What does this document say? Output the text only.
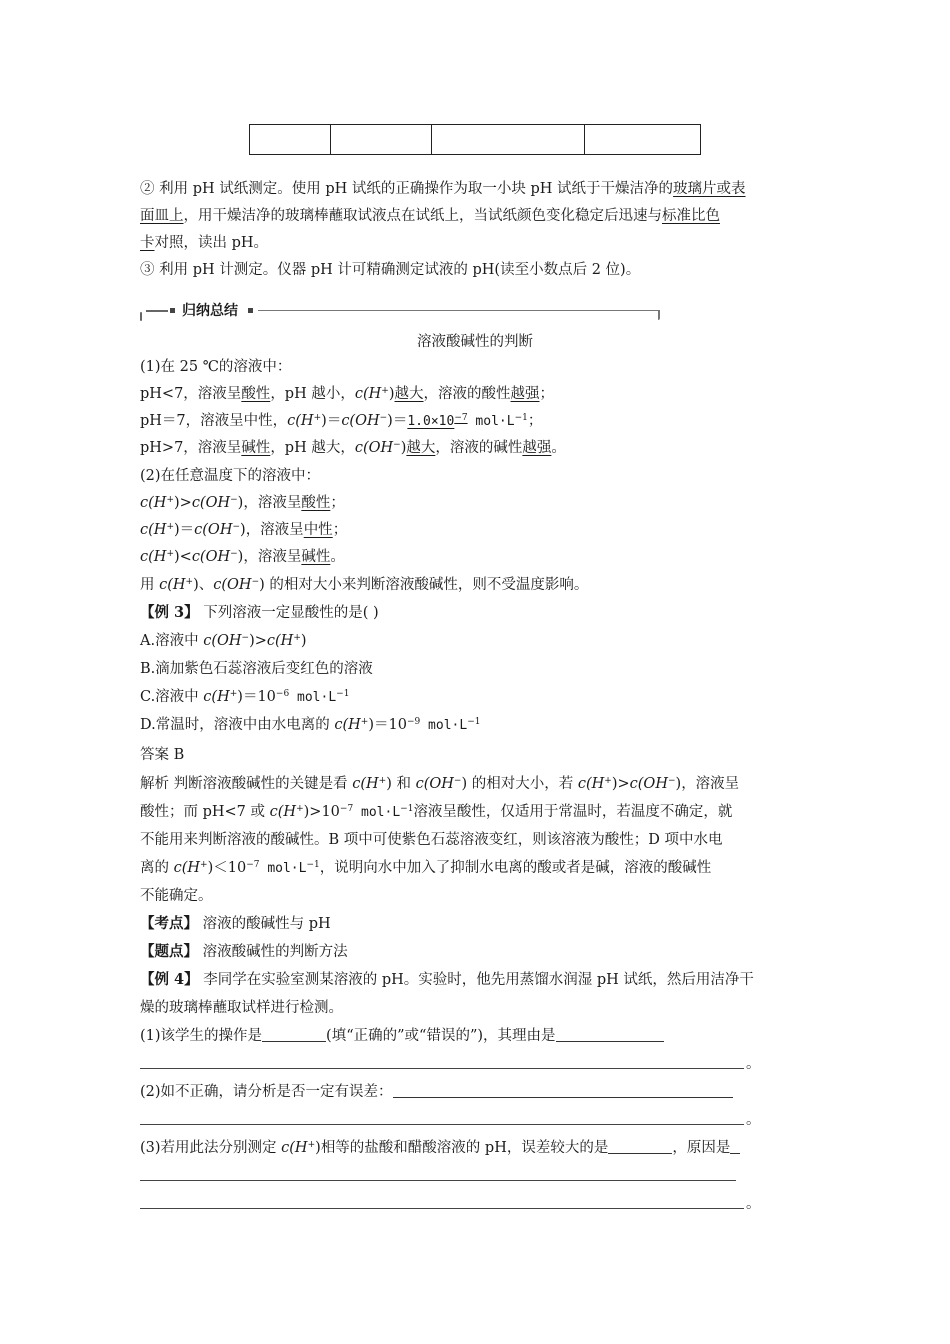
② 利用 pH 试纸测定。使用 pH 试纸的正确操作为取一小块 pH 试纸于干燥洁净的玻璃片或表
面皿上，用干燥洁净的玻璃棒蘸取试液点在试纸上，当试纸颜色变化稳定后迅速与标准比色
卡对照，读出 pH。
③ 利用 pH 计测定。仪器 pH 计可精确测定试液的 pH(读至小数点后 2 位)。
归纳总结
溶液酸碱性的判断
(1)在 25 ℃的溶液中：
pH<7，溶液呈酸性，pH 越小，c(H+)越大，溶液的酸性越强；
pH＝7，溶液呈中性，$c(H^+)=c(OH^-)=1.0\times 10^{-7}$ $mol\cdot L^{-1}$；
pH>7，溶液呈碱性，pH 越大，c(OH−)越大，溶液的碱性越强。
(2)在任意温度下的溶液中：
c(H+)>c(OH−)，溶液呈酸性；
c(H+)＝c(OH−)，溶液呈中性；
c(H+)<c(OH−)，溶液呈碱性。
用 c(H+)、c(OH−) 的相对大小来判断溶液酸碱性，则不受温度影响。
【例 3】 下列溶液一定显酸性的是( )
A.溶液中 c(OH−)>c(H+)
B.滴加紫色石蕊溶液后变红色的溶液
C.溶液中 $c(H^+)=10^{-6}$ $mol\cdot L^{-1}$
D.常温时，溶液中由水电离的 $c(H^+)=10^{-9}$ $mol\cdot L^{-1}$
答案 B
解析 判断溶液酸碱性的关键是看 c(H+) 和 c(OH−) 的相对大小，若 c(H+)>c(OH−)，溶液呈
酸性；而 pH<7 或 $c(H^+)>10^{-7}$ $mol\cdot L^{-1}$溶液呈酸性，仅适用于常温时，若温度不确定，就
不能用来判断溶液的酸碱性。B 项中可使紫色石蕊溶液变红，则该溶液为酸性；D 项中水电
离的 $c(H^+)<10^{-7}$ $mol\cdot L^{-1}$，说明向水中加入了抑制水电离的酸或者是碱，溶液的酸碱性
不能确定。
【考点】 溶液的酸碱性与 pH
【题点】 溶液酸碱性的判断方法
【例 4】 李同学在实验室测某溶液的 pH。实验时，他先用蒸馏水润湿 pH 试纸，然后用洁净干
燥的玻璃棒蘸取试样进行检测。
(1)该学生的操作是	(填“正确的”或“错误的”)，其理由是
。
(2)如不正确，请分析是否一定有误差：
。
(3)若用此法分别测定 c(H+)相等的盐酸和醋酸溶液的 pH，误差较大的是	，原因是
。
